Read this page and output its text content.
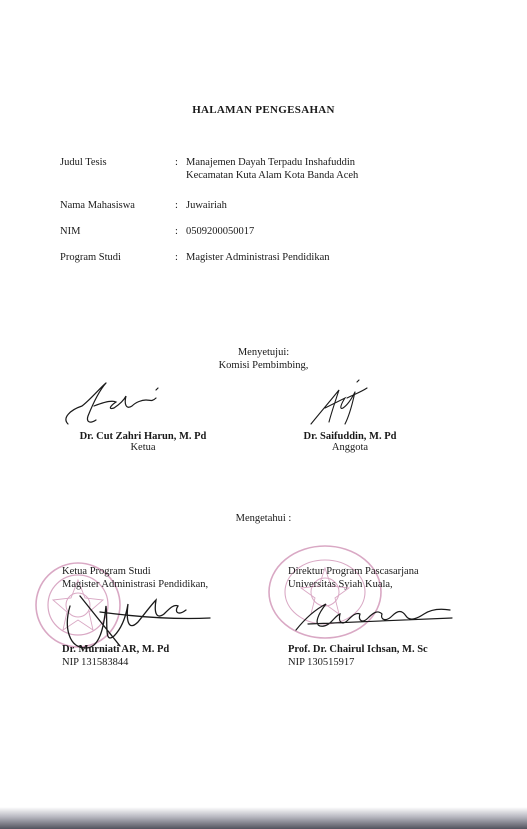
HALAMAN PENGESAHAN
Judul Tesis	: Manajemen Dayah Terpadu Inshafuddin
Kecamatan Kuta Alam Kota Banda Aceh
Nama Mahasiswa	: Juwairiah
NIM	: 0509200050017
Program Studi	: Magister Administrasi Pendidikan
Menyetujui:
Komisi Pembimbing,
Dr. Cut Zahri Harun, M. Pd
Ketua
Dr. Saifuddin, M. Pd
Anggota
Mengetahui :
Ketua Program Studi
Magister Administrasi Pendidikan,
Dr. Murniati AR, M. Pd
NIP 131583844
Direktur Program Pascasarjana
Universitas Syiah Kuala,
Prof. Dr. Chairul Ichsan, M. Sc
NIP 130515917
